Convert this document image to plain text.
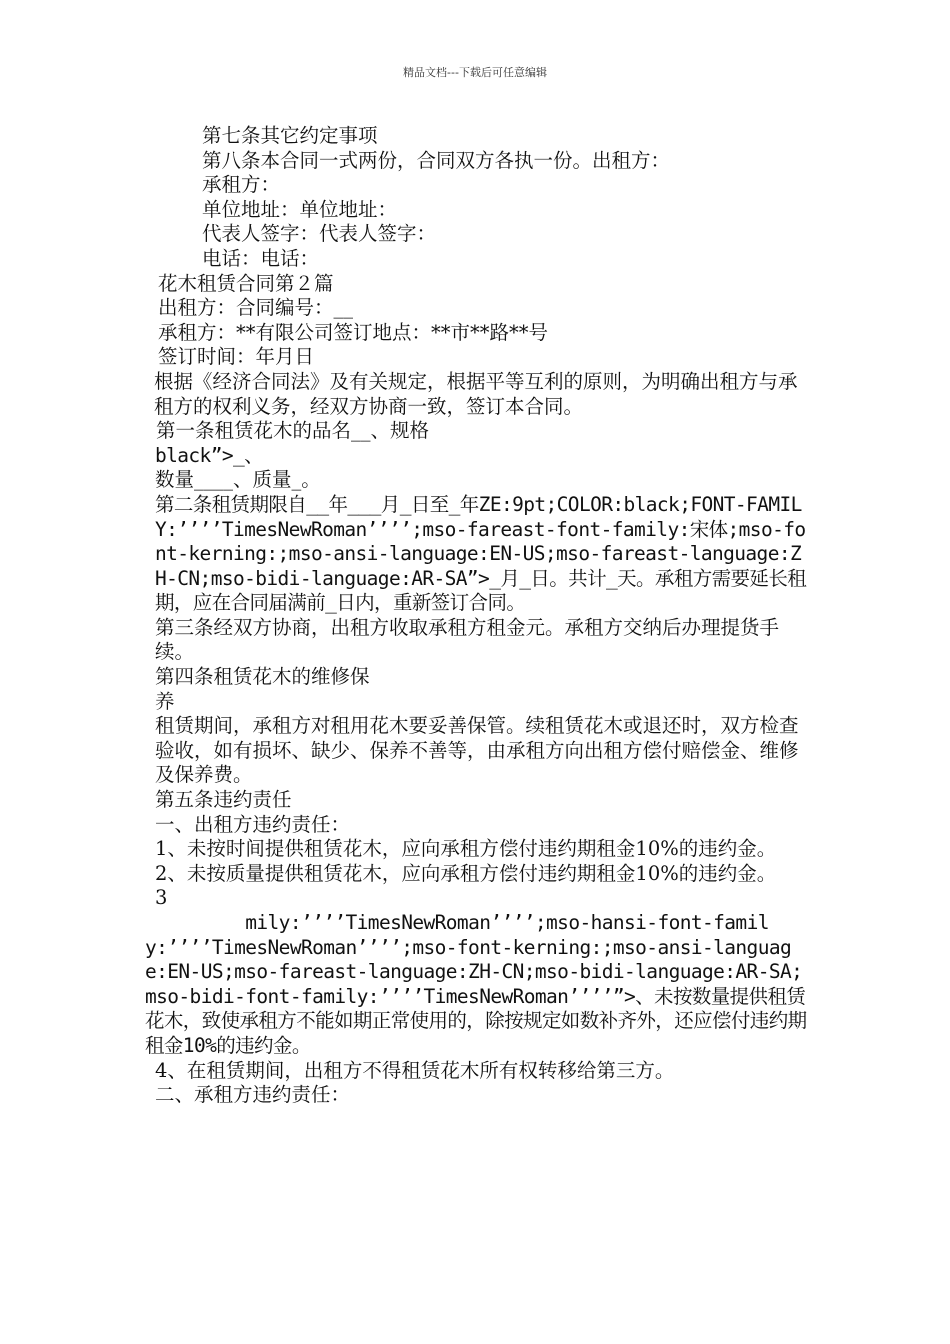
精品文档---下载后可任意编辑

第七条其它约定事项

第八条本合同一式两份，合同双方各执一份。出租方：

承租方：

单位地址：单位地址：

代表人签字：代表人签字：

电话：电话：

花木租赁合同第２篇

出租方：合同编号：__

承租方：**有限公司签订地点：**市**路**号

签订时间：年月日

根据《经济合同法》及有关规定，根据平等互利的原则，为明确出租方与承租方的权利义务，经双方协商一致，签订本合同。

第一条租赁花木的品名__、规格

black”>_、

数量____、质量_。

第二条租赁期限自__年___月_日至_年ZE:9pt;COLOR:black;FONT-FAMILY:’’’’TimesNewRoman’’’’;mso-fareast-font-family:宋体;mso-font-kerning:;mso-ansi-language:EN-US;mso-fareast-language:ZH-CN;mso-bidi-language:AR-SA”>_月_日。共计_天。承租方需要延长租期，应在合同届满前_日内，重新签订合同。

第三条经双方协商，出租方收取承租方租金元。承租方交纳后办理提货手续。

第四条租赁花木的维修保

养

租赁期间，承租方对租用花木要妥善保管。续租赁花木或退还时，双方检查验收，如有损坏、缺少、保养不善等，由承租方向出租方偿付赔偿金、维修及保养费。

第五条违约责任

一、出租方违约责任：

1、未按时间提供租赁花木，应向承租方偿付违约期租金10%的违约金。

2、未按质量提供租赁花木，应向承租方偿付违约期租金10%的违约金。

3

mily:’’’’TimesNewRoman’’’’;mso-hansi-font-family:’’’’TimesNewRoman’’’’;mso-font-kerning:;mso-ansi-language:EN-US;mso-fareast-language:ZH-CN;mso-bidi-language:AR-SA;mso-bidi-font-family:’’’’TimesNewRoman’’’’”>、未按数量提供租赁花木，致使承租方不能如期正常使用的，除按规定如数补齐外，还应偿付违约期租金10%的违约金。

4、在租赁期间，出租方不得租赁花木所有权转移给第三方。

二、承租方违约责任：
